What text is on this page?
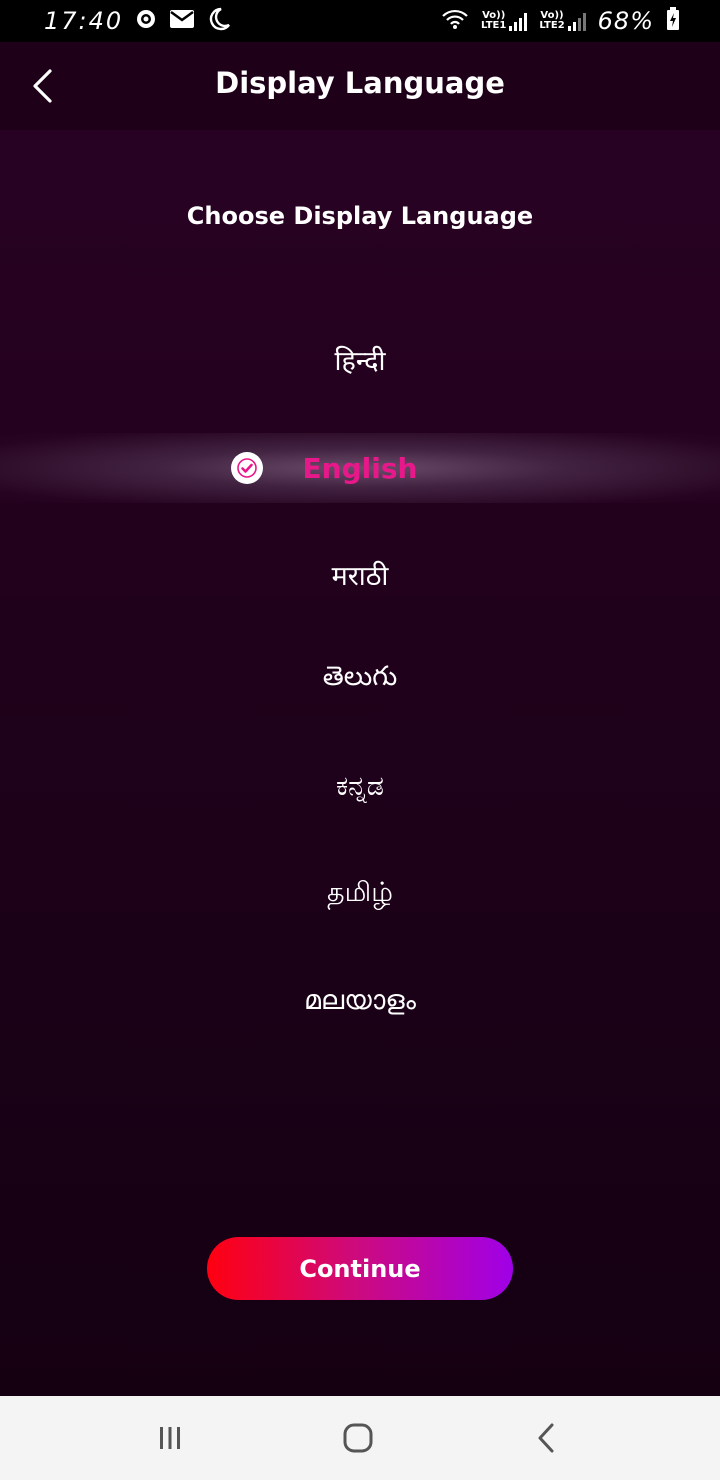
17:40	Vo))
LTE1
Vo))
LTE2 68%
Display Language
Choose Display Language
हिन्दी
English
मराठी
తెలుగు
ಕನ್ನಡ
தமிழ்
മലയാളം
Continue
